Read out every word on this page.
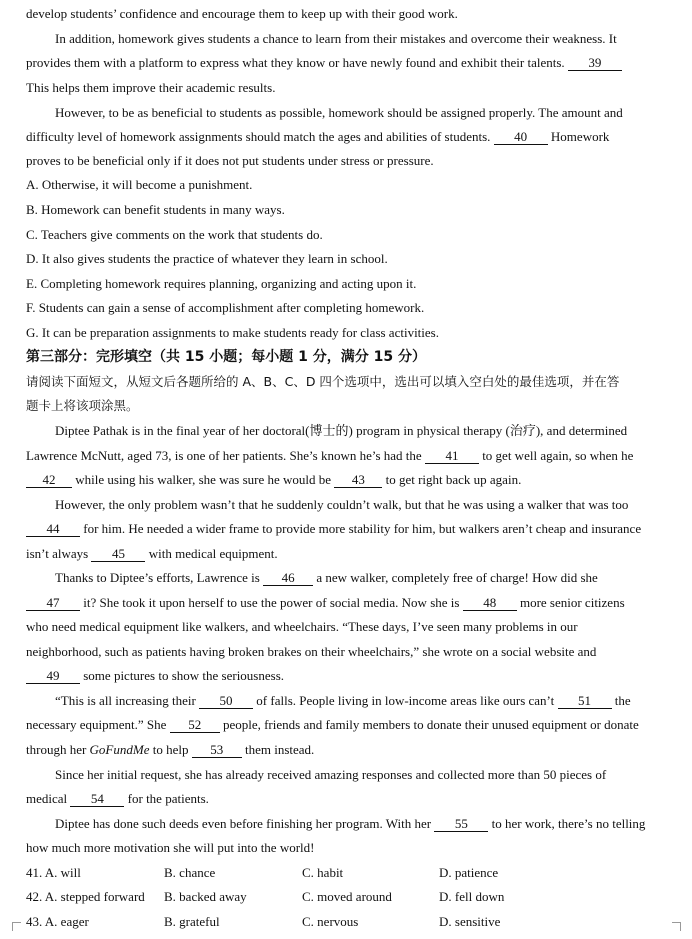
develop students’ confidence and encourage them to keep up with their good work.
In addition, homework gives students a chance to learn from their mistakes and overcome their weakness. It
provides them with a platform to express what they know or have newly found and exhibit their talents. 39
This helps them improve their academic results.
However, to be as beneficial to students as possible, homework should be assigned properly. The amount and
difficulty level of homework assignments should match the ages and abilities of students. 40 Homework
proves to be beneficial only if it does not put students under stress or pressure.
A. Otherwise, it will become a punishment.
B. Homework can benefit students in many ways.
C. Teachers give comments on the work that students do.
D. It also gives students the practice of whatever they learn in school.
E. Completing homework requires planning, organizing and acting upon it.
F. Students can gain a sense of accomplishment after completing homework.
G. It can be preparation assignments to make students ready for class activities.
第三部分：完形填空（共 15 小题；每小题 1 分，满分 15 分）
请阅读下面短文，从短文后各题所给的 A、B、C、D 四个选项中，选出可以填入空白处的最佳选项，并在答
题卡上将该项涂黑。
Diptee Pathak is in the final year of her doctoral(博士的) program in physical therapy (治疗), and determined
Lawrence McNutt, aged 73, is one of her patients. She’s known he’s had the 41 to get well again, so when he
42 while using his walker, she was sure he would be 43 to get right back up again.
However, the only problem wasn’t that he suddenly couldn’t walk, but that he was using a walker that was too
44 for him. He needed a wider frame to provide more stability for him, but walkers aren’t cheap and insurance
isn’t always 45 with medical equipment.
Thanks to Diptee’s efforts, Lawrence is 46 a new walker, completely free of charge! How did she
47 it? She took it upon herself to use the power of social media. Now she is 48 more senior citizens
who need medical equipment like walkers, and wheelchairs. “These days, I’ve seen many problems in our
neighborhood, such as patients having broken brakes on their wheelchairs,” she wrote on a social website and
49 some pictures to show the seriousness.
“This is all increasing their 50 of falls. People living in low-income areas like ours can’t 51 the
necessary equipment.” She 52 people, friends and family members to donate their unused equipment or donate
through her GoFundMe to help 53 them instead.
Since her initial request, she has already received amazing responses and collected more than 50 pieces of
medical 54 for the patients.
Diptee has done such deeds even before finishing her program. With her 55 to her work, there’s no telling
how much more motivation she will put into the world!
41. A. will	B. chance	C. habit	D. patience
42. A. stepped forward B. backed away	C. moved around	D. fell down
43. A. eager	B. grateful	C. nervous	D. sensitive
